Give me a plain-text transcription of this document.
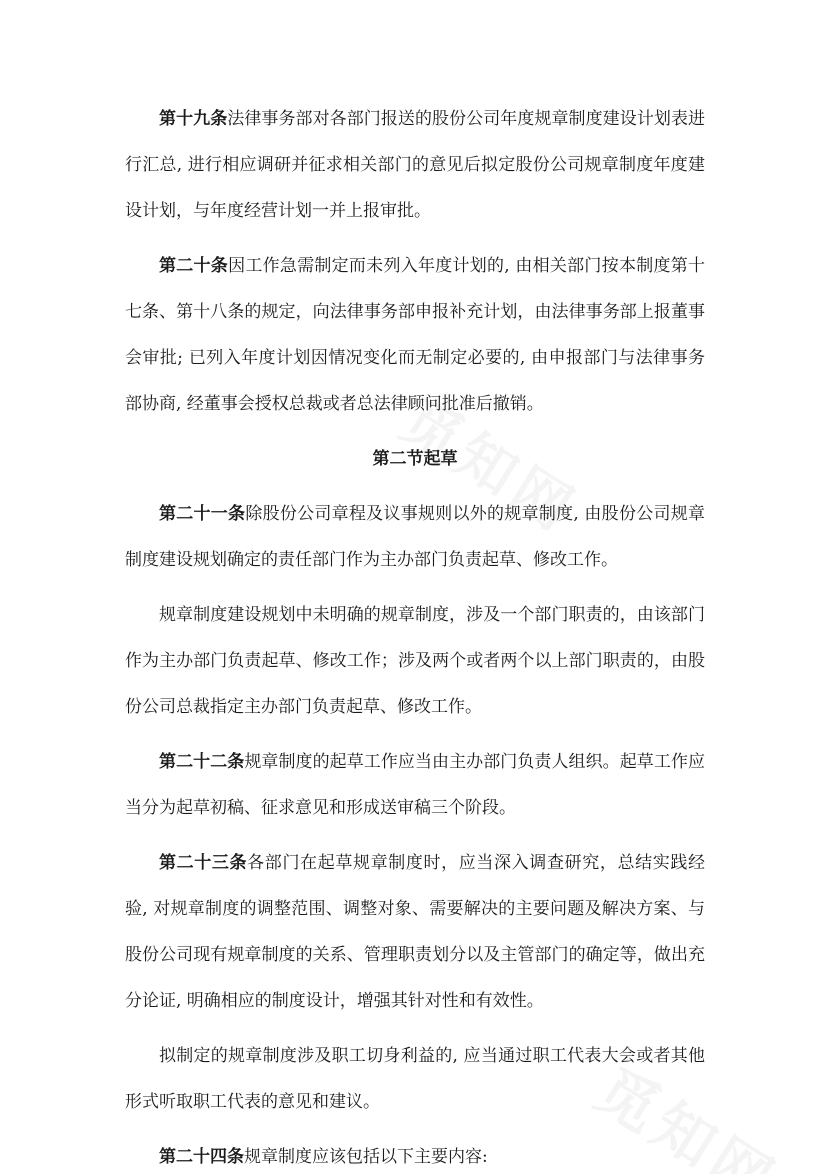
第十九条法律事务部对各部门报送的股份公司年度规章制度建设计划表进行汇总, 进行相应调研并征求相关部门的意见后拟定股份公司规章制度年度建设计划，与年度经营计划一并上报审批。

第二十条因工作急需制定而未列入年度计划的, 由相关部门按本制度第十七条、第十八条的规定，向法律事务部申报补充计划，由法律事务部上报董事会审批; 已列入年度计划因情况变化而无制定必要的, 由申报部门与法律事务部协商, 经董事会授权总裁或者总法律顾问批准后撤销。

第二节起草

第二十一条除股份公司章程及议事规则以外的规章制度, 由股份公司规章制度建设规划确定的责任部门作为主办部门负责起草、修改工作。

规章制度建设规划中未明确的规章制度，涉及一个部门职责的，由该部门作为主办部门负责起草、修改工作；涉及两个或者两个以上部门职责的，由股份公司总裁指定主办部门负责起草、修改工作。

第二十二条规章制度的起草工作应当由主办部门负责人组织。起草工作应当分为起草初稿、征求意见和形成送审稿三个阶段。

第二十三条各部门在起草规章制度时，应当深入调查研究，总结实践经验, 对规章制度的调整范围、调整对象、需要解决的主要问题及解决方案、与股份公司现有规章制度的关系、管理职责划分以及主管部门的确定等，做出充分论证, 明确相应的制度设计，增强其针对性和有效性。

拟制定的规章制度涉及职工切身利益的, 应当通过职工代表大会或者其他形式听取职工代表的意见和建议。

第二十四条规章制度应该包括以下主要内容:
